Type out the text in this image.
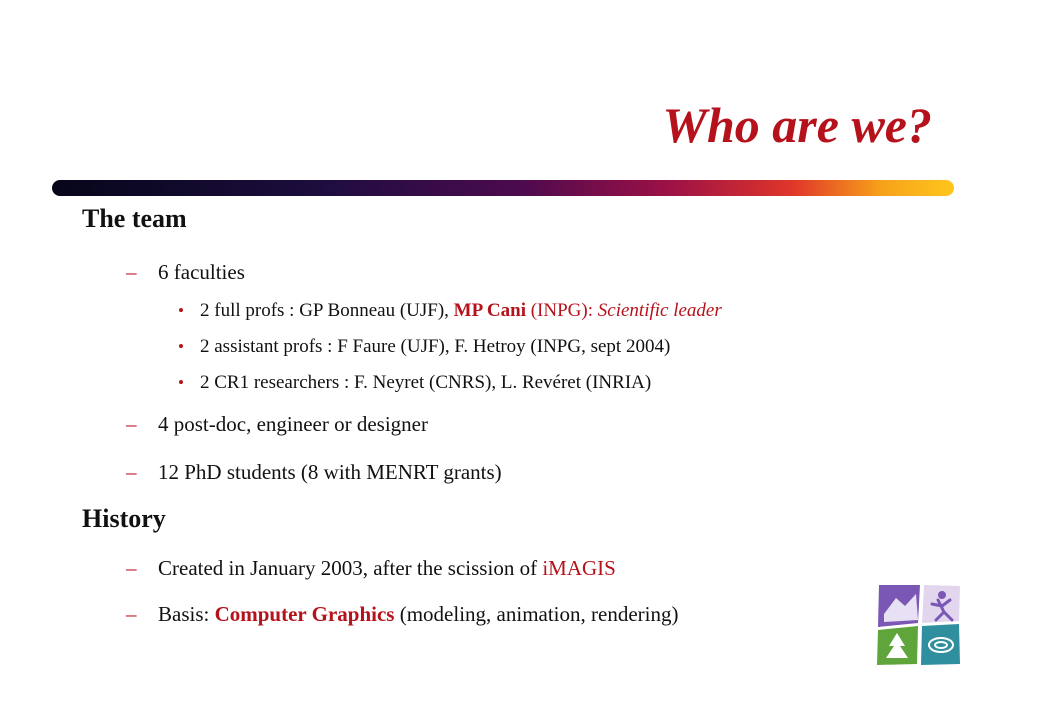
Who are we?
The team
– 6 faculties
• 2 full profs : GP Bonneau (UJF), MP Cani (INPG): Scientific leader
• 2 assistant profs : F Faure (UJF), F. Hetroy (INPG, sept 2004)
• 2 CR1 researchers : F. Neyret (CNRS), L. Revéret (INRIA)
– 4 post-doc, engineer or designer
– 12 PhD students (8 with MENRT grants)
History
– Created in January 2003, after the scission of iMAGIS
– Basis: Computer Graphics (modeling, animation, rendering)
